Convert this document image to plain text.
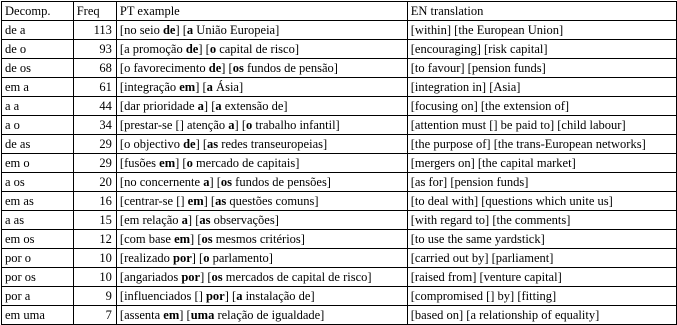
Decomp.	Freq	PT example	EN translation
de a	113	[no seio de] [a União Europeia]	[within] [the European Union]
de o	93	[a promoção de] [o capital de risco]	[encouraging] [risk capital]
de os	68	[o favorecimento de] [os fundos de pensão]	[to favour] [pension funds]
em a	61	[integração em] [a Ásia]	[integration in] [Asia]
a a	44	[dar prioridade a] [a extensão de]	[focusing on] [the extension of]
a o	34	[prestar-se [] atenção a] [o trabalho infantil]	[attention must [] be paid to] [child labour]
de as	29	[o objectivo de] [as redes transeuropeias]	[the purpose of] [the trans-European networks]
em o	29	[fusões em] [o mercado de capitais]	[mergers on] [the capital market]
a os	20	[no concernente a] [os fundos de pensões]	[as for] [pension funds]
em as	16	[centrar-se [] em] [as questões comuns]	[to deal with] [questions which unite us]
a as	15	[em relação a] [as observações]	[with regard to] [the comments]
em os	12	[com base em] [os mesmos critérios]	[to use the same yardstick]
por o	10	[realizado por] [o parlamento]	[carried out by] [parliament]
por os	10	[angariados por] [os mercados de capital de risco]	[raised from] [venture capital]
por a	9	[influenciados [] por] [a instalação de]	[compromised [] by] [fitting]
em uma	7	[assenta em] [uma relação de igualdade]	[based on] [a relationship of equality]
